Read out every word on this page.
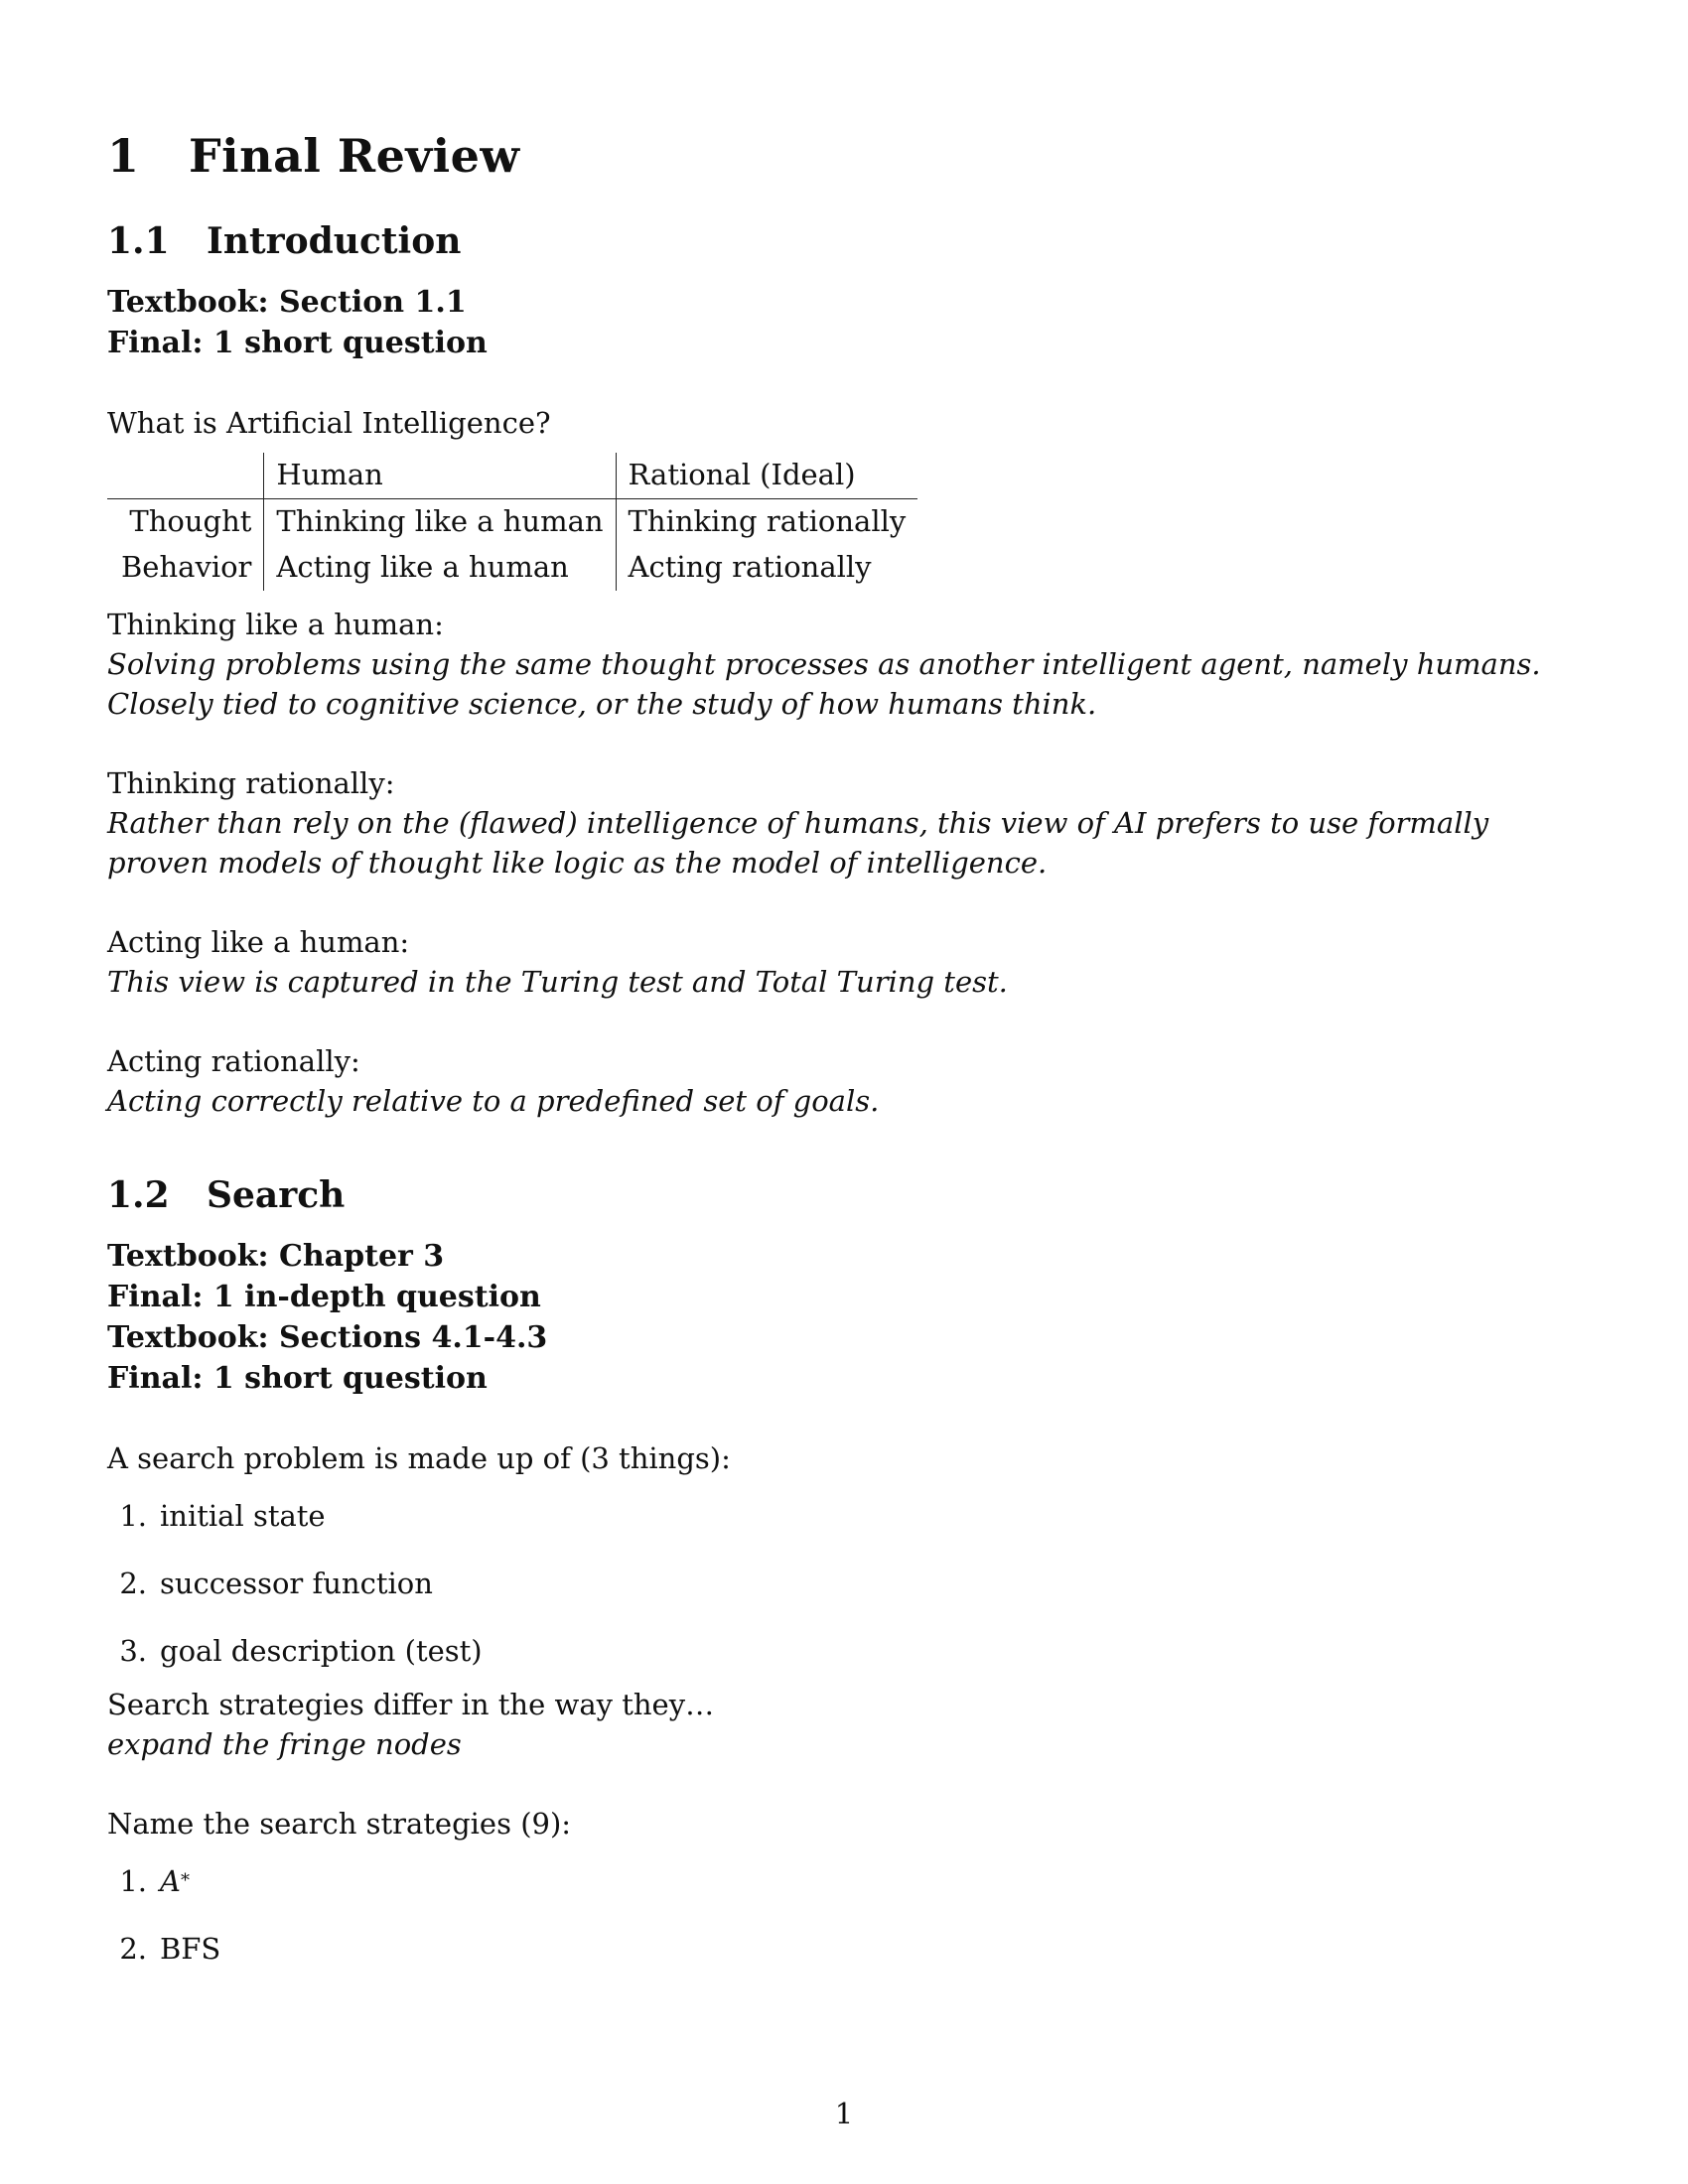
1	Final Review
1.1	Introduction
Textbook: Section 1.1
Final: 1 short question
What is Artificial Intelligence?
	Human	Rational (Ideal)
Thought	Thinking like a human	Thinking rationally
Behavior	Acting like a human	Acting rationally
Thinking like a human:
Solving problems using the same thought processes as another intelligent agent, namely humans. Closely tied to cognitive science, or the study of how humans think.
Thinking rationally:
Rather than rely on the (flawed) intelligence of humans, this view of AI prefers to use formally proven models of thought like logic as the model of intelligence.
Acting like a human:
This view is captured in the Turing test and Total Turing test.
Acting rationally:
Acting correctly relative to a predefined set of goals.
1.2	Search
Textbook: Chapter 3
Final: 1 in-depth question
Textbook: Sections 4.1-4.3
Final: 1 short question
A search problem is made up of (3 things):
1. initial state
2. successor function
3. goal description (test)
Search strategies differ in the way they…
expand the fringe nodes
Name the search strategies (9):
1. A *
2. BFS
1
